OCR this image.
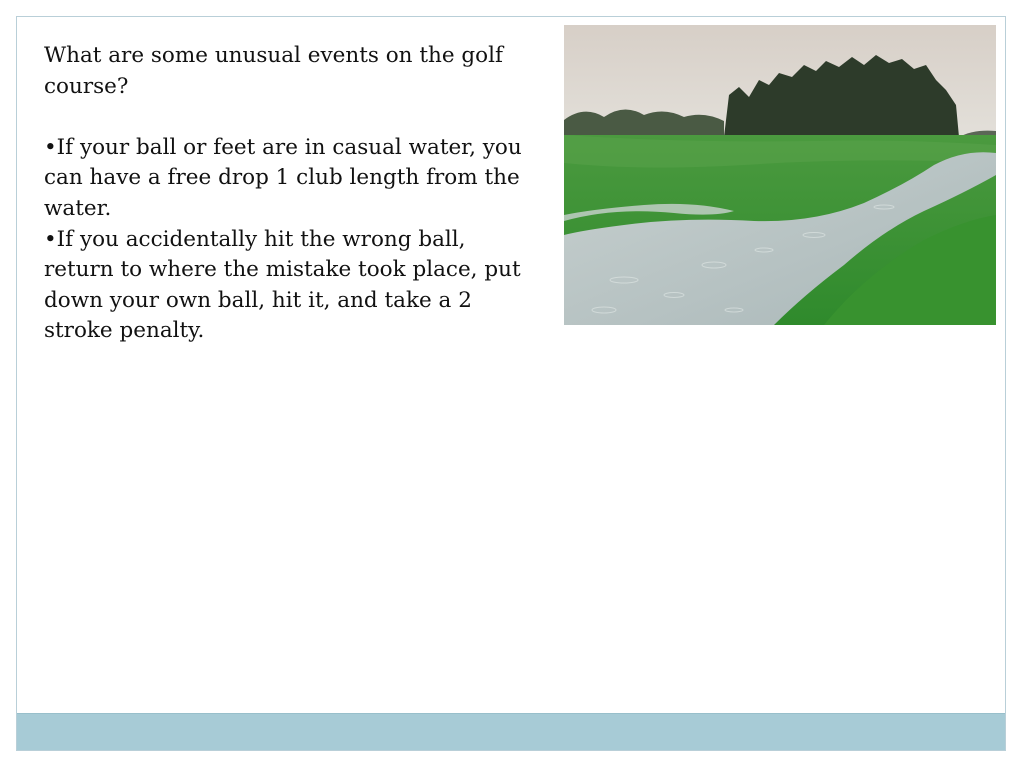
What are some unusual events on the golf course?

•If your ball or feet are in casual water, you can have a free drop 1 club length from the water.

•If you accidentally hit the wrong ball, return to where the mistake took place, put down your own ball, hit it, and take a 2 stroke penalty.
